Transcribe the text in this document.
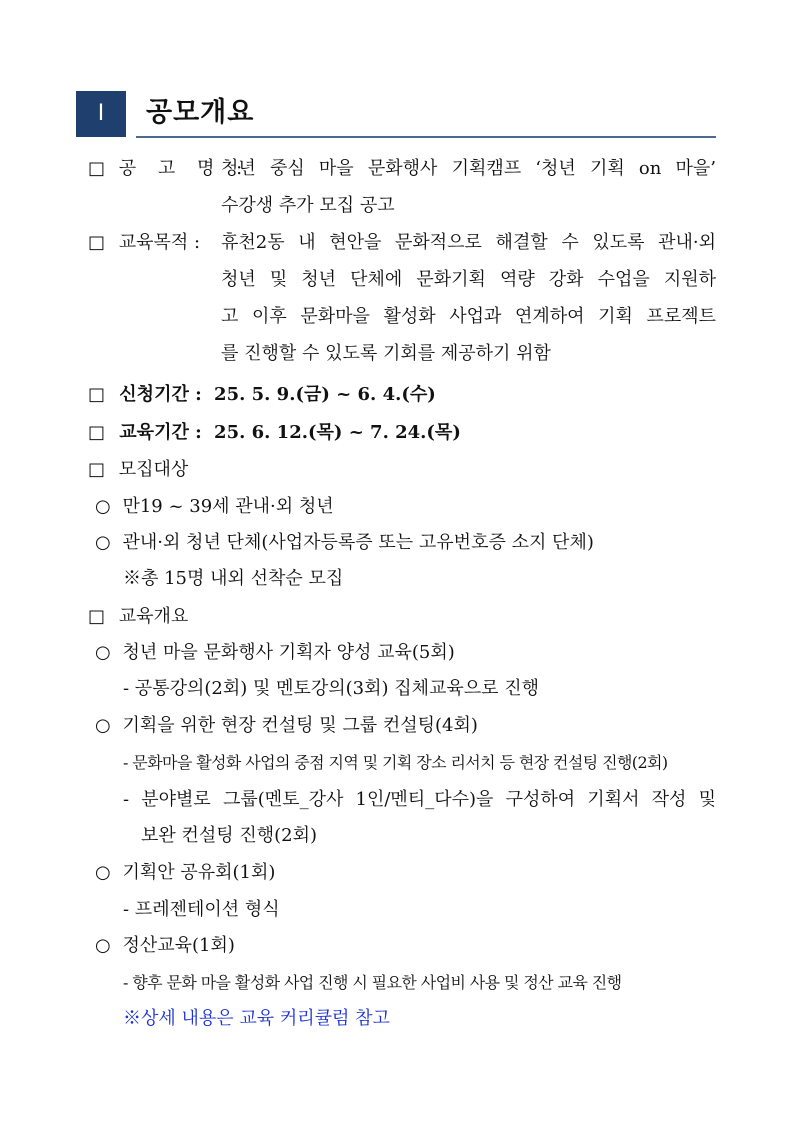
Ⅰ	공모개요
□ 공 고 명 :
청년 중심 마을 문화행사 기획캠프 ‘청년 기획 on 마을’
수강생 추가 모집 공고
□ 교육목적 :	휴천2동 내 현안을 문화적으로 해결할 수 있도록 관내·외
청년 및 청년 단체에 문화기획 역량 강화 수업을 지원하
고 이후 문화마을 활성화 사업과 연계하여 기획 프로젝트
를 진행할 수 있도록 기회를 제공하기 위함
□ 신청기간 : 25. 5. 9.(금) ~ 6. 4.(수)
□ 교육기간 : 25. 6. 12.(목) ~ 7. 24.(목)
□ 모집대상
○ 만19 ~ 39세 관내·외 청년
○ 관내·외 청년 단체(사업자등록증 또는 고유번호증 소지 단체)
※총 15명 내외 선착순 모집
□ 교육개요
○ 청년 마을 문화행사 기획자 양성 교육(5회)
- 공통강의(2회) 및 멘토강의(3회) 집체교육으로 진행
○ 기획을 위한 현장 컨설팅 및 그룹 컨설팅(4회)
- 문화마을 활성화 사업의 중점 지역 및 기획 장소 리서치 등 현장 컨설팅 진행(2회)
- 분야별로 그룹(멘토_강사 1인/멘티_다수)을 구성하여 기획서 작성 및
보완 컨설팅 진행(2회)
○ 기획안 공유회(1회)
- 프레젠테이션 형식
○ 정산교육(1회)
- 향후 문화 마을 활성화 사업 진행 시 필요한 사업비 사용 및 정산 교육 진행
※상세 내용은 교육 커리큘럼 참고
